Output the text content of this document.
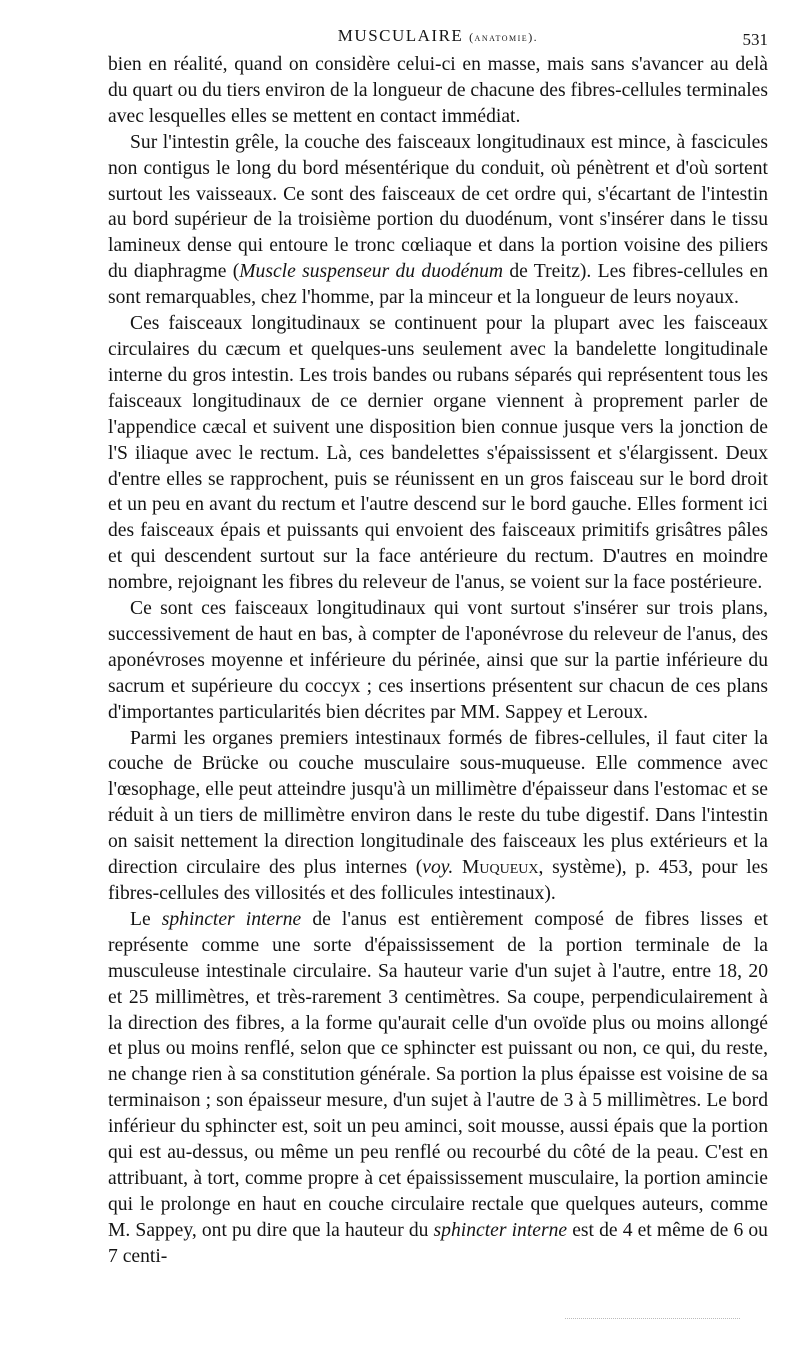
MUSCULAIRE (anatomie).	531

bien en réalité, quand on considère celui-ci en masse, mais sans s'avancer au delà du quart ou du tiers environ de la longueur de chacune des fibres-cellules terminales avec lesquelles elles se mettent en contact immédiat.

Sur l'intestin grêle, la couche des faisceaux longitudinaux est mince, à fascicules non contigus le long du bord mésentérique du conduit, où pénètrent et d'où sortent surtout les vaisseaux. Ce sont des faisceaux de cet ordre qui, s'écartant de l'intestin au bord supérieur de la troisième portion du duodénum, vont s'insérer dans le tissu lamineux dense qui entoure le tronc cœliaque et dans la portion voisine des piliers du diaphragme (Muscle suspenseur du duodénum de Treitz). Les fibres-cellules en sont remarquables, chez l'homme, par la minceur et la longueur de leurs noyaux.

Ces faisceaux longitudinaux se continuent pour la plupart avec les faisceaux circulaires du cæcum et quelques-uns seulement avec la bandelette longitudinale interne du gros intestin. Les trois bandes ou rubans séparés qui représentent tous les faisceaux longitudinaux de ce dernier organe viennent à proprement parler de l'appendice cæcal et suivent une disposition bien connue jusque vers la jonction de l'S iliaque avec le rectum. Là, ces bandelettes s'épaississent et s'élargissent. Deux d'entre elles se rapprochent, puis se réunissent en un gros faisceau sur le bord droit et un peu en avant du rectum et l'autre descend sur le bord gauche. Elles forment ici des faisceaux épais et puissants qui envoient des faisceaux primitifs grisâtres pâles et qui descendent surtout sur la face antérieure du rectum. D'autres en moindre nombre, rejoignant les fibres du releveur de l'anus, se voient sur la face postérieure.

Ce sont ces faisceaux longitudinaux qui vont surtout s'insérer sur trois plans, successivement de haut en bas, à compter de l'aponévrose du releveur de l'anus, des aponévroses moyenne et inférieure du périnée, ainsi que sur la partie inférieure du sacrum et supérieure du coccyx ; ces insertions présentent sur chacun de ces plans d'importantes particularités bien décrites par MM. Sappey et Leroux.

Parmi les organes premiers intestinaux formés de fibres-cellules, il faut citer la couche de Brücke ou couche musculaire sous-muqueuse. Elle commence avec l'œsophage, elle peut atteindre jusqu'à un millimètre d'épaisseur dans l'estomac et se réduit à un tiers de millimètre environ dans le reste du tube digestif. Dans l'intestin on saisit nettement la direction longitudinale des faisceaux les plus extérieurs et la direction circulaire des plus internes (voy. Muqueux, système), p. 453, pour les fibres-cellules des villosités et des follicules intestinaux).

Le sphincter interne de l'anus est entièrement composé de fibres lisses et représente comme une sorte d'épaississement de la portion terminale de la musculeuse intestinale circulaire. Sa hauteur varie d'un sujet à l'autre, entre 18, 20 et 25 millimètres, et très-rarement 3 centimètres. Sa coupe, perpendiculairement à la direction des fibres, a la forme qu'aurait celle d'un ovoïde plus ou moins allongé et plus ou moins renflé, selon que ce sphincter est puissant ou non, ce qui, du reste, ne change rien à sa constitution générale. Sa portion la plus épaisse est voisine de sa terminaison ; son épaisseur mesure, d'un sujet à l'autre de 3 à 5 millimètres. Le bord inférieur du sphincter est, soit un peu aminci, soit mousse, aussi épais que la portion qui est au-dessus, ou même un peu renflé ou recourbé du côté de la peau. C'est en attribuant, à tort, comme propre à cet épaississement musculaire, la portion amincie qui le prolonge en haut en couche circulaire rectale que quelques auteurs, comme M. Sappey, ont pu dire que la hauteur du sphincter interne est de 4 et même de 6 ou 7 centi-
